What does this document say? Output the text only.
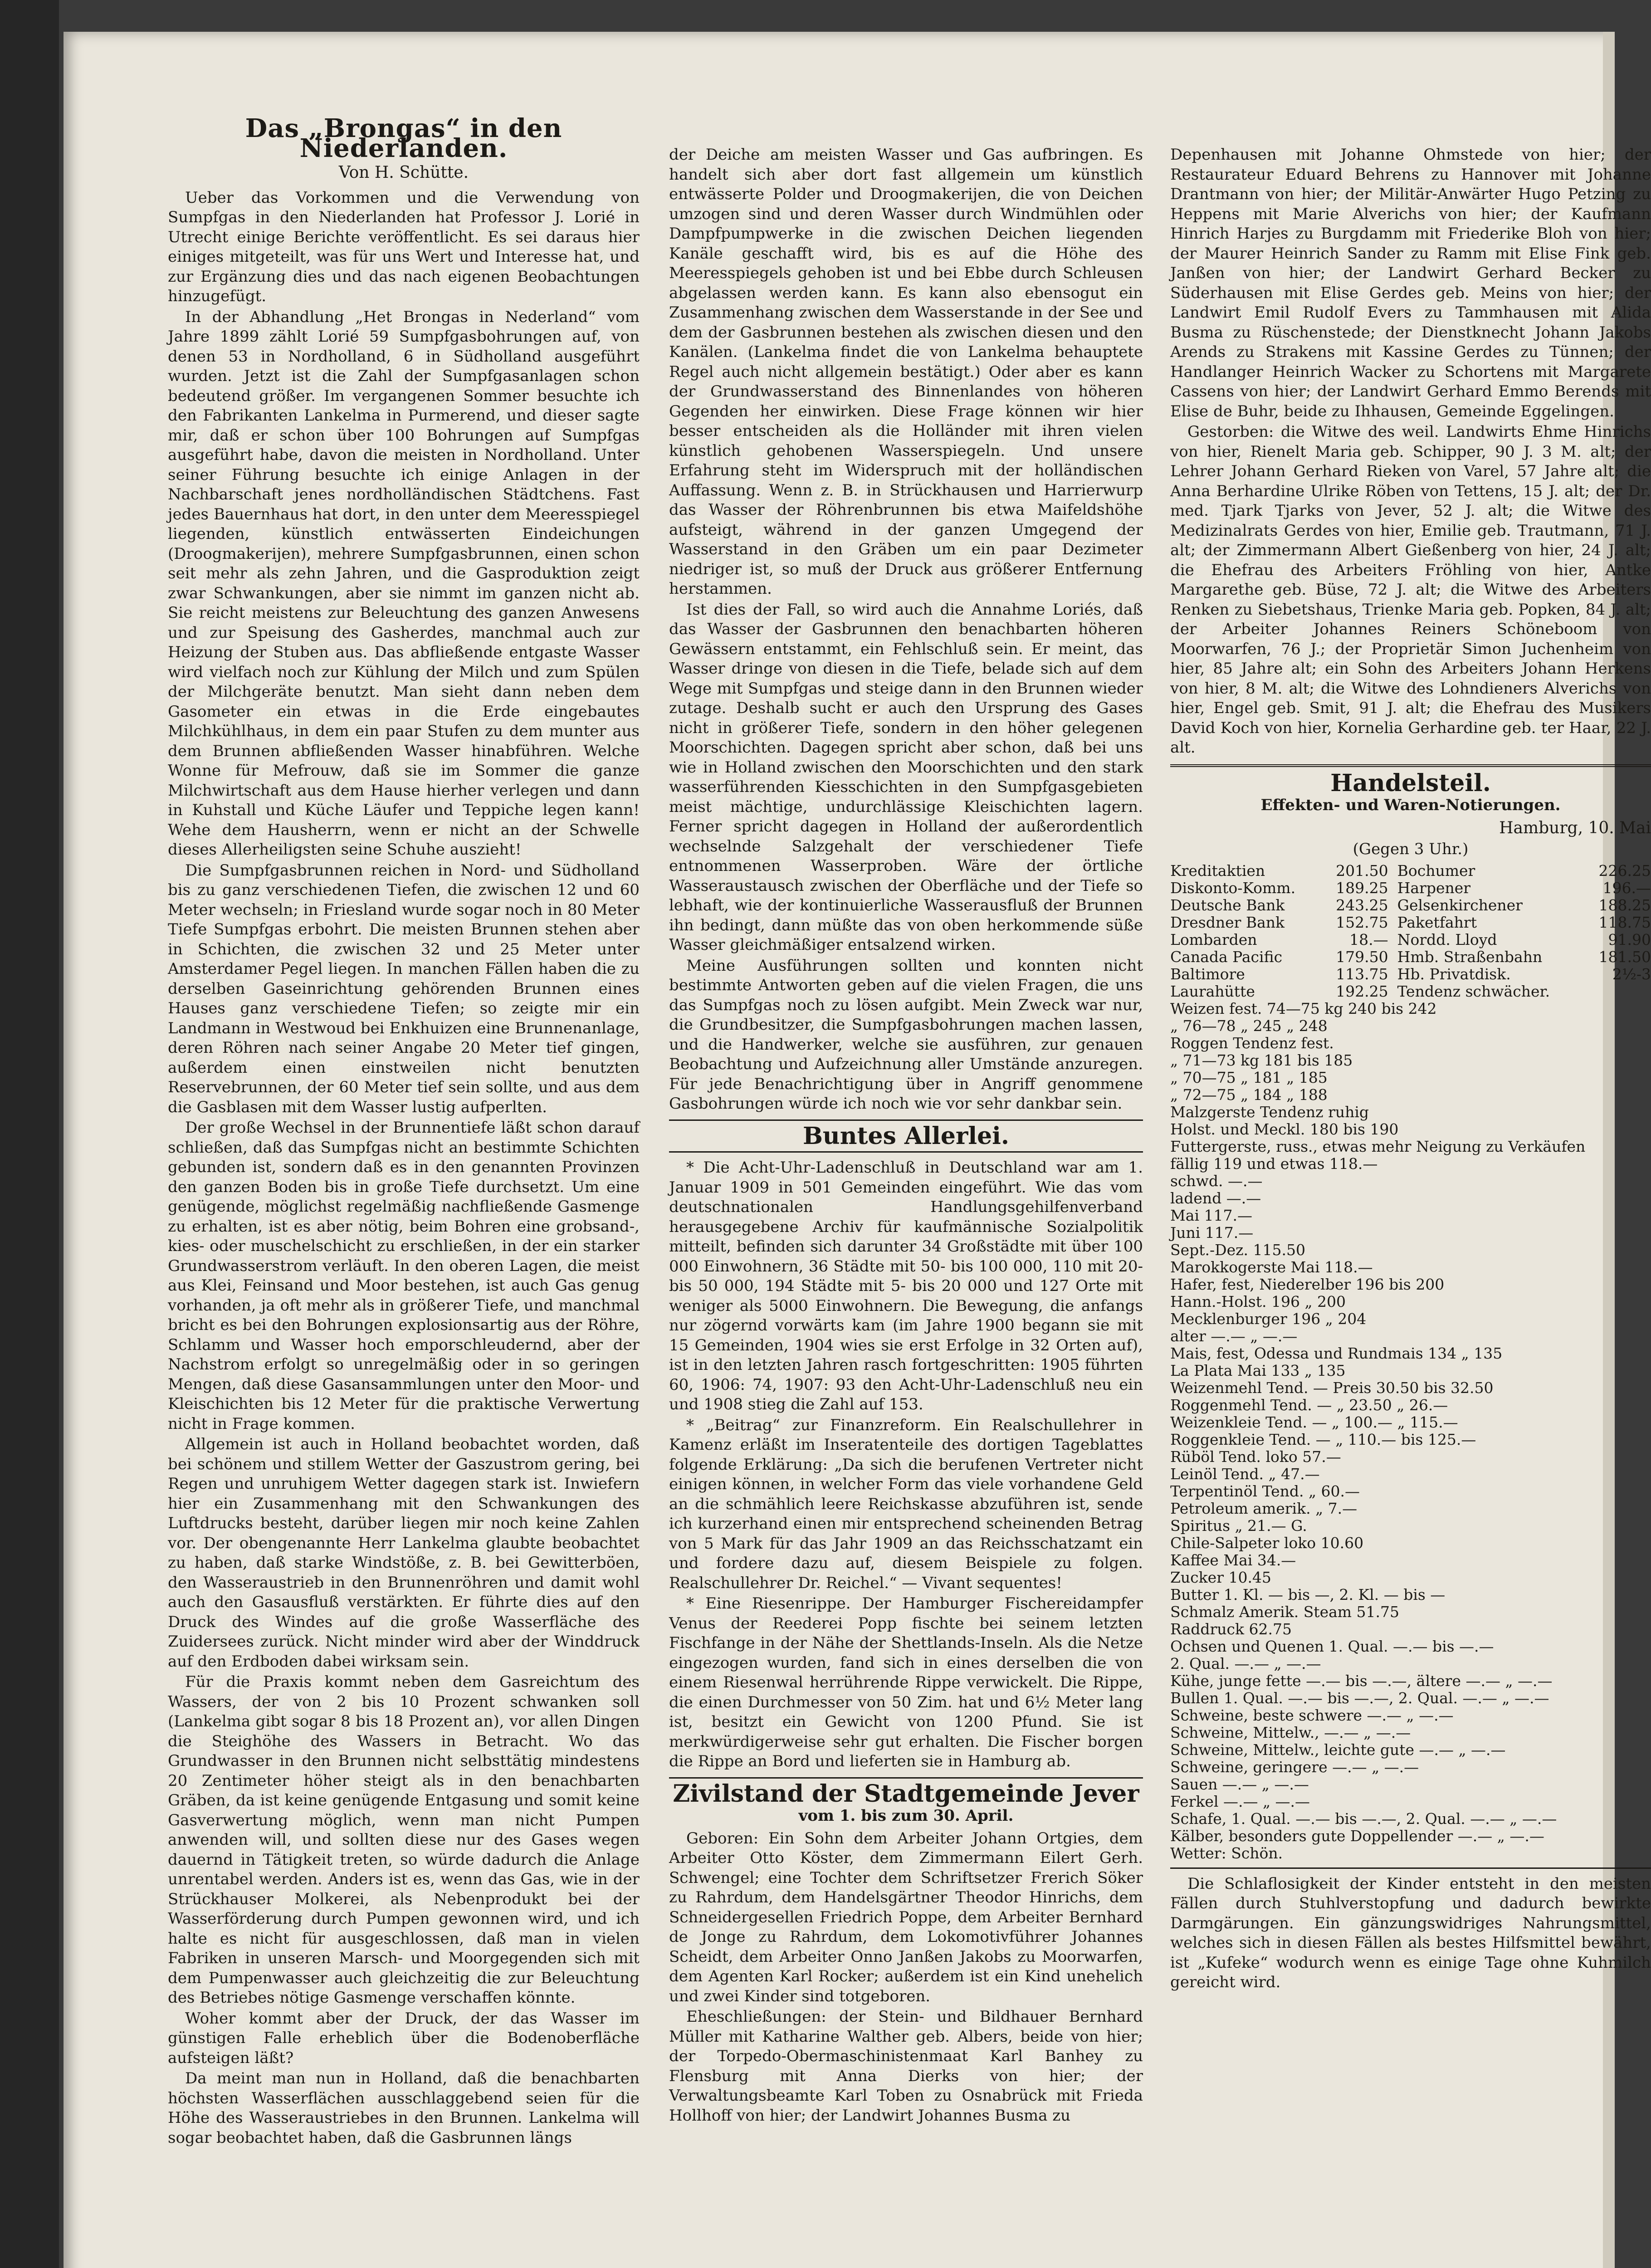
Das „Brongas“ in den Niederlanden.
Von H. Schütte.

Ueber das Vorkommen und die Verwendung von Sumpfgas in den Niederlanden hat Professor J. Lorié in Utrecht einige Berichte veröffentlicht. Es sei daraus hier einiges mitgeteilt, was für uns Wert und Interesse hat, und zur Ergänzung dies und das nach eigenen Beobachtungen hinzugefügt.

In der Abhandlung „Het Brongas in Nederland“ vom Jahre 1899 zählt Lorié 59 Sumpfgasbohrungen auf, von denen 53 in Nordholland, 6 in Südholland ausgeführt wurden. Jetzt ist die Zahl der Sumpfgasanlagen schon bedeutend größer. Im vergangenen Sommer besuchte ich den Fabrikanten Lankelma in Purmerend, und dieser sagte mir, daß er schon über 100 Bohrungen auf Sumpfgas ausgeführt habe, davon die meisten in Nordholland. Unter seiner Führung besuchte ich einige Anlagen in der Nachbarschaft jenes nordholländischen Städtchens. Fast jedes Bauernhaus hat dort, in den unter dem Meeresspiegel liegenden, künstlich entwässerten Eindeichungen (Droogmakerijen), mehrere Sumpfgasbrunnen, einen schon seit mehr als zehn Jahren, und die Gasproduktion zeigt zwar Schwankungen, aber sie nimmt im ganzen nicht ab. Sie reicht meistens zur Beleuchtung des ganzen Anwesens und zur Speisung des Gasherdes, manchmal auch zur Heizung der Stuben aus. Das abfließende entgaste Wasser wird vielfach noch zur Kühlung der Milch und zum Spülen der Milchgeräte benutzt. Man sieht dann neben dem Gasometer ein etwas in die Erde eingebautes Milchkühlhaus, in dem ein paar Stufen zu dem munter aus dem Brunnen abfließenden Wasser hinabführen. Welche Wonne für Mefrouw, daß sie im Sommer die ganze Milchwirtschaft aus dem Hause hierher verlegen und dann in Kuhstall und Küche Läufer und Teppiche legen kann! Wehe dem Hausherrn, wenn er nicht an der Schwelle dieses Allerheiligsten seine Schuhe auszieht!

Die Sumpfgasbrunnen reichen in Nord- und Südholland bis zu ganz verschiedenen Tiefen, die zwischen 12 und 60 Meter wechseln; in Friesland wurde sogar noch in 80 Meter Tiefe Sumpfgas erbohrt. Die meisten Brunnen stehen aber in Schichten, die zwischen 32 und 25 Meter unter Amsterdamer Pegel liegen. In manchen Fällen haben die zu derselben Gaseinrichtung gehörenden Brunnen eines Hauses ganz verschiedene Tiefen; so zeigte mir ein Landmann in Westwoud bei Enkhuizen eine Brunnenanlage, deren Röhren nach seiner Angabe 20 Meter tief gingen, außerdem einen einstweilen nicht benutzten Reservebrunnen, der 60 Meter tief sein sollte, und aus dem die Gasblasen mit dem Wasser lustig aufperlten.

Der große Wechsel in der Brunnentiefe läßt schon darauf schließen, daß das Sumpfgas nicht an bestimmte Schichten gebunden ist, sondern daß es in den genannten Provinzen den ganzen Boden bis in große Tiefe durchsetzt. Um eine genügende, möglichst regelmäßig nachfließende Gasmenge zu erhalten, ist es aber nötig, beim Bohren eine grobsand-, kies- oder muschelschicht zu erschließen, in der ein starker Grundwasserstrom verläuft. In den oberen Lagen, die meist aus Klei, Feinsand und Moor bestehen, ist auch Gas genug vorhanden, ja oft mehr als in größerer Tiefe, und manchmal bricht es bei den Bohrungen explosionsartig aus der Röhre, Schlamm und Wasser hoch emporschleudernd, aber der Nachstrom erfolgt so unregelmäßig oder in so geringen Mengen, daß diese Gasansammlungen unter den Moor- und Kleischichten bis 12 Meter für die praktische Verwertung nicht in Frage kommen.

Allgemein ist auch in Holland beobachtet worden, daß bei schönem und stillem Wetter der Gaszustrom gering, bei Regen und unruhigem Wetter dagegen stark ist. Inwiefern hier ein Zusammenhang mit den Schwankungen des Luftdrucks besteht, darüber liegen mir noch keine Zahlen vor. Der obengenannte Herr Lankelma glaubte beobachtet zu haben, daß starke Windstöße, z. B. bei Gewitterböen, den Wasseraustrieb in den Brunnenröhren und damit wohl auch den Gasausfluß verstärkten. Er führte dies auf den Druck des Windes auf die große Wasserfläche des Zuidersees zurück. Nicht minder wird aber der Winddruck auf den Erdboden dabei wirksam sein.

Für die Praxis kommt neben dem Gasreichtum des Wassers, der von 2 bis 10 Prozent schwanken soll (Lankelma gibt sogar 8 bis 18 Prozent an), vor allen Dingen die Steighöhe des Wassers in Betracht. Wo das Grundwasser in den Brunnen nicht selbsttätig mindestens 20 Zentimeter höher steigt als in den benachbarten Gräben, da ist keine genügende Entgasung und somit keine Gasverwertung möglich, wenn man nicht Pumpen anwenden will, und sollten diese nur des Gases wegen dauernd in Tätigkeit treten, so würde dadurch die Anlage unrentabel werden. Anders ist es, wenn das Gas, wie in der Strückhauser Molkerei, als Nebenprodukt bei der Wasserförderung durch Pumpen gewonnen wird, und ich halte es nicht für ausgeschlossen, daß man in vielen Fabriken in unseren Marsch- und Moorgegenden sich mit dem Pumpenwasser auch gleichzeitig die zur Beleuchtung des Betriebes nötige Gasmenge verschaffen könnte.

Woher kommt aber der Druck, der das Wasser im günstigen Falle erheblich über die Bodenoberfläche aufsteigen läßt?

Da meint man nun in Holland, daß die benachbarten höchsten Wasserflächen ausschlaggebend seien für die Höhe des Wasseraustriebes in den Brunnen. Lankelma will sogar beobachtet haben, daß die Gasbrunnen längs

der Deiche am meisten Wasser und Gas aufbringen. Es handelt sich aber dort fast allgemein um künstlich entwässerte Polder und Droogmakerijen, die von Deichen umzogen sind und deren Wasser durch Windmühlen oder Dampfpumpwerke in die zwischen Deichen liegenden Kanäle geschafft wird, bis es auf die Höhe des Meeresspiegels gehoben ist und bei Ebbe durch Schleusen abgelassen werden kann. Es kann also ebensogut ein Zusammenhang zwischen dem Wasserstande in der See und dem der Gasbrunnen bestehen als zwischen diesen und den Kanälen. (Lankelma findet die von Lankelma behauptete Regel auch nicht allgemein bestätigt.) Oder aber es kann der Grundwasserstand des Binnenlandes von höheren Gegenden her einwirken. Diese Frage können wir hier besser entscheiden als die Holländer mit ihren vielen künstlich gehobenen Wasserspiegeln. Und unsere Erfahrung steht im Widerspruch mit der holländischen Auffassung. Wenn z. B. in Strückhausen und Harrierwurp das Wasser der Röhrenbrunnen bis etwa Maifeldshöhe aufsteigt, während in der ganzen Umgegend der Wasserstand in den Gräben um ein paar Dezimeter niedriger ist, so muß der Druck aus größerer Entfernung herstammen.

Ist dies der Fall, so wird auch die Annahme Loriés, daß das Wasser der Gasbrunnen den benachbarten höheren Gewässern entstammt, ein Fehlschluß sein. Er meint, das Wasser dringe von diesen in die Tiefe, belade sich auf dem Wege mit Sumpfgas und steige dann in den Brunnen wieder zutage. Deshalb sucht er auch den Ursprung des Gases nicht in größerer Tiefe, sondern in den höher gelegenen Moorschichten. Dagegen spricht aber schon, daß bei uns wie in Holland zwischen den Moorschichten und den stark wasserführenden Kiesschichten in den Sumpfgasgebieten meist mächtige, undurchlässige Kleischichten lagern. Ferner spricht dagegen in Holland der außerordentlich wechselnde Salzgehalt der verschiedener Tiefe entnommenen Wasserproben. Wäre der örtliche Wasseraustausch zwischen der Oberfläche und der Tiefe so lebhaft, wie der kontinuierliche Wasserausfluß der Brunnen ihn bedingt, dann müßte das von oben herkommende süße Wasser gleichmäßiger entsalzend wirken.

Meine Ausführungen sollten und konnten nicht bestimmte Antworten geben auf die vielen Fragen, die uns das Sumpfgas noch zu lösen aufgibt. Mein Zweck war nur, die Grundbesitzer, die Sumpfgasbohrungen machen lassen, und die Handwerker, welche sie ausführen, zur genauen Beobachtung und Aufzeichnung aller Umstände anzuregen. Für jede Benachrichtigung über in Angriff genommene Gasbohrungen würde ich noch wie vor sehr dankbar sein.

Buntes Allerlei.

* Die Acht-Uhr-Ladenschluß in Deutschland war am 1. Januar 1909 in 501 Gemeinden eingeführt. Wie das vom deutschnationalen Handlungsgehilfenverband herausgegebene Archiv für kaufmännische Sozialpolitik mitteilt, befinden sich darunter 34 Großstädte mit über 100 000 Einwohnern, 36 Städte mit 50- bis 100 000, 110 mit 20- bis 50 000, 194 Städte mit 5- bis 20 000 und 127 Orte mit weniger als 5000 Einwohnern. Die Bewegung, die anfangs nur zögernd vorwärts kam (im Jahre 1900 begann sie mit 15 Gemeinden, 1904 wies sie erst Erfolge in 32 Orten auf), ist in den letzten Jahren rasch fortgeschritten: 1905 führten 60, 1906: 74, 1907: 93 den Acht-Uhr-Ladenschluß neu ein und 1908 stieg die Zahl auf 153.

* „Beitrag“ zur Finanzreform. Ein Realschullehrer in Kamenz erläßt im Inseratenteile des dortigen Tageblattes folgende Erklärung: „Da sich die berufenen Vertreter nicht einigen können, in welcher Form das viele vorhandene Geld an die schmählich leere Reichskasse abzuführen ist, sende ich kurzerhand einen mir entsprechend scheinenden Betrag von 5 Mark für das Jahr 1909 an das Reichsschatzamt ein und fordere dazu auf, diesem Beispiele zu folgen. Realschullehrer Dr. Reichel.“ — Vivant sequentes!

* Eine Riesenrippe. Der Hamburger Fischereidampfer Venus der Reederei Popp fischte bei seinem letzten Fischfange in der Nähe der Shettlands-Inseln. Als die Netze eingezogen wurden, fand sich in eines derselben die von einem Riesenwal herrührende Rippe verwickelt. Die Rippe, die einen Durchmesser von 50 Zim. hat und 6½ Meter lang ist, besitzt ein Gewicht von 1200 Pfund. Sie ist merkwürdigerweise sehr gut erhalten. Die Fischer borgen die Rippe an Bord und lieferten sie in Hamburg ab.

Zivilstand der Stadtgemeinde Jever
vom 1. bis zum 30. April.

Geboren: Ein Sohn dem Arbeiter Johann Ortgies, dem Arbeiter Otto Köster, dem Zimmermann Eilert Gerh. Schwengel; eine Tochter dem Schriftsetzer Frerich Söker zu Rahrdum, dem Handelsgärtner Theodor Hinrichs, dem Schneidergesellen Friedrich Poppe, dem Arbeiter Bernhard de Jonge zu Rahrdum, dem Lokomotivführer Johannes Scheidt, dem Arbeiter Onno Janßen Jakobs zu Moorwarfen, dem Agenten Karl Rocker; außerdem ist ein Kind unehelich und zwei Kinder sind totgeboren.

Eheschließungen: der Stein- und Bildhauer Bernhard Müller mit Katharine Walther geb. Albers, beide von hier; der Torpedo-Obermaschinistenmaat Karl Banhey zu Flensburg mit Anna Dierks von hier; der Verwaltungsbeamte Karl Toben zu Osnabrück mit Frieda Hollhoff von hier; der Landwirt Johannes Busma zu

Depenhausen mit Johanne Ohmstede von hier; der Restaurateur Eduard Behrens zu Hannover mit Johanne Drantmann von hier; der Militär-Anwärter Hugo Petzing zu Heppens mit Marie Alverichs von hier; der Kaufmann Hinrich Harjes zu Burgdamm mit Friederike Bloh von hier; der Maurer Heinrich Sander zu Ramm mit Elise Fink geb. Janßen von hier; der Landwirt Gerhard Becker zu Süderhausen mit Elise Gerdes geb. Meins von hier; der Landwirt Emil Rudolf Evers zu Tammhausen mit Alida Busma zu Rüschenstede; der Dienstknecht Johann Jakobs Arends zu Strakens mit Kassine Gerdes zu Tünnen; der Handlanger Heinrich Wacker zu Schortens mit Margarete Cassens von hier; der Landwirt Gerhard Emmo Berends mit Elise de Buhr, beide zu Ihhausen, Gemeinde Eggelingen.

Gestorben: die Witwe des weil. Landwirts Ehme Hinrichs von hier, Rienelt Maria geb. Schipper, 90 J. 3 M. alt; der Lehrer Johann Gerhard Rieken von Varel, 57 Jahre alt; die Anna Berhardine Ulrike Röben von Tettens, 15 J. alt; der Dr. med. Tjark Tjarks von Jever, 52 J. alt; die Witwe des Medizinalrats Gerdes von hier, Emilie geb. Trautmann, 71 J. alt; der Zimmermann Albert Gießenberg von hier, 24 J. alt; die Ehefrau des Arbeiters Fröhling von hier, Antke Margarethe geb. Büse, 72 J. alt; die Witwe des Arbeiters Renken zu Siebetshaus, Trienke Maria geb. Popken, 84 J. alt; der Arbeiter Johannes Reiners Schöneboom von Moorwarfen, 76 J.; der Proprietär Simon Juchenheim von hier, 85 Jahre alt; ein Sohn des Arbeiters Johann Herkens von hier, 8 M. alt; die Witwe des Lohndieners Alverichs von hier, Engel geb. Smit, 91 J. alt; die Ehefrau des Musikers David Koch von hier, Kornelia Gerhardine geb. ter Haar, 22 J. alt.

Handelsteil.
Effekten- und Waren-Notierungen.
Hamburg, 10. Mai
(Gegen 3 Uhr.)
Kreditaktien	201.50	Bochumer	226.25
Diskonto-Komm.	189.25	Harpener	196.—
Deutsche Bank	243.25	Gelsenkirchener	188.25
Dresdner Bank	152.75	Paketfahrt	118.75
Lombarden	18.—	Nordd. Lloyd	91.90
Canada Pacific	179.50	Hmb. Straßenbahn	181.50
Baltimore	113.75	Hb. Privatdisk.	2½-3
Laurahütte	192.25	Tendenz schwächer.	
Weizen fest. 74—75 kg 240 bis 242
„ 76—78 „ 245 „ 248
Roggen Tendenz fest.
„ 71—73 kg 181 bis 185
„ 70—75 „ 181 „ 185
„ 72—75 „ 184 „ 188
Malzgerste Tendenz ruhig
Holst. und Meckl. 180 bis 190
Futtergerste, russ., etwas mehr Neigung zu Verkäufen
fällig 119 und etwas 118.—
schwd. —.—
ladend —.—
Mai 117.—
Juni 117.—
Sept.-Dez. 115.50
Marokkogerste Mai 118.—
Hafer, fest, Niederelber 196 bis 200
Hann.-Holst. 196 „ 200
Mecklenburger 196 „ 204
alter —.— „ —.—
Mais, fest, Odessa und Rundmais 134 „ 135
La Plata Mai 133 „ 135
Weizenmehl Tend. — Preis 30.50 bis 32.50
Roggenmehl Tend. — „ 23.50 „ 26.—
Weizenkleie Tend. — „ 100.— „ 115.—
Roggenkleie Tend. — „ 110.— bis 125.—
Rüböl Tend. loko 57.—
Leinöl Tend. „ 47.—
Terpentinöl Tend. „ 60.—
Petroleum amerik. „ 7.—
Spiritus „ 21.— G.
Chile-Salpeter loko 10.60
Kaffee Mai 34.—
Zucker 10.45
Butter 1. Kl. — bis —, 2. Kl. — bis —
Schmalz Amerik. Steam 51.75
Raddruck 62.75
Ochsen und Quenen 1. Qual. —.— bis —.—
2. Qual. —.— „ —.—
Kühe, junge fette —.— bis —.—, ältere —.— „ —.—
Bullen 1. Qual. —.— bis —.—, 2. Qual. —.— „ —.—
Schweine, beste schwere —.— „ —.—
Schweine, Mittelw., —.— „ —.—
Schweine, Mittelw., leichte gute —.— „ —.—
Schweine, geringere —.— „ —.—
Sauen —.— „ —.—
Ferkel —.— „ —.—
Schafe, 1. Qual. —.— bis —.—, 2. Qual. —.— „ —.—
Kälber, besonders gute Doppellender —.— „ —.—
Wetter: Schön.

Die Schlaflosigkeit der Kinder entsteht in den meisten Fällen durch Stuhlverstopfung und dadurch bewirkte Darmgärungen. Ein gänzungswidriges Nahrungsmittel, welches sich in diesen Fällen als bestes Hilfsmittel bewährt, ist „Kufeke“ wodurch wenn es einige Tage ohne Kuhmilch gereicht wird.
